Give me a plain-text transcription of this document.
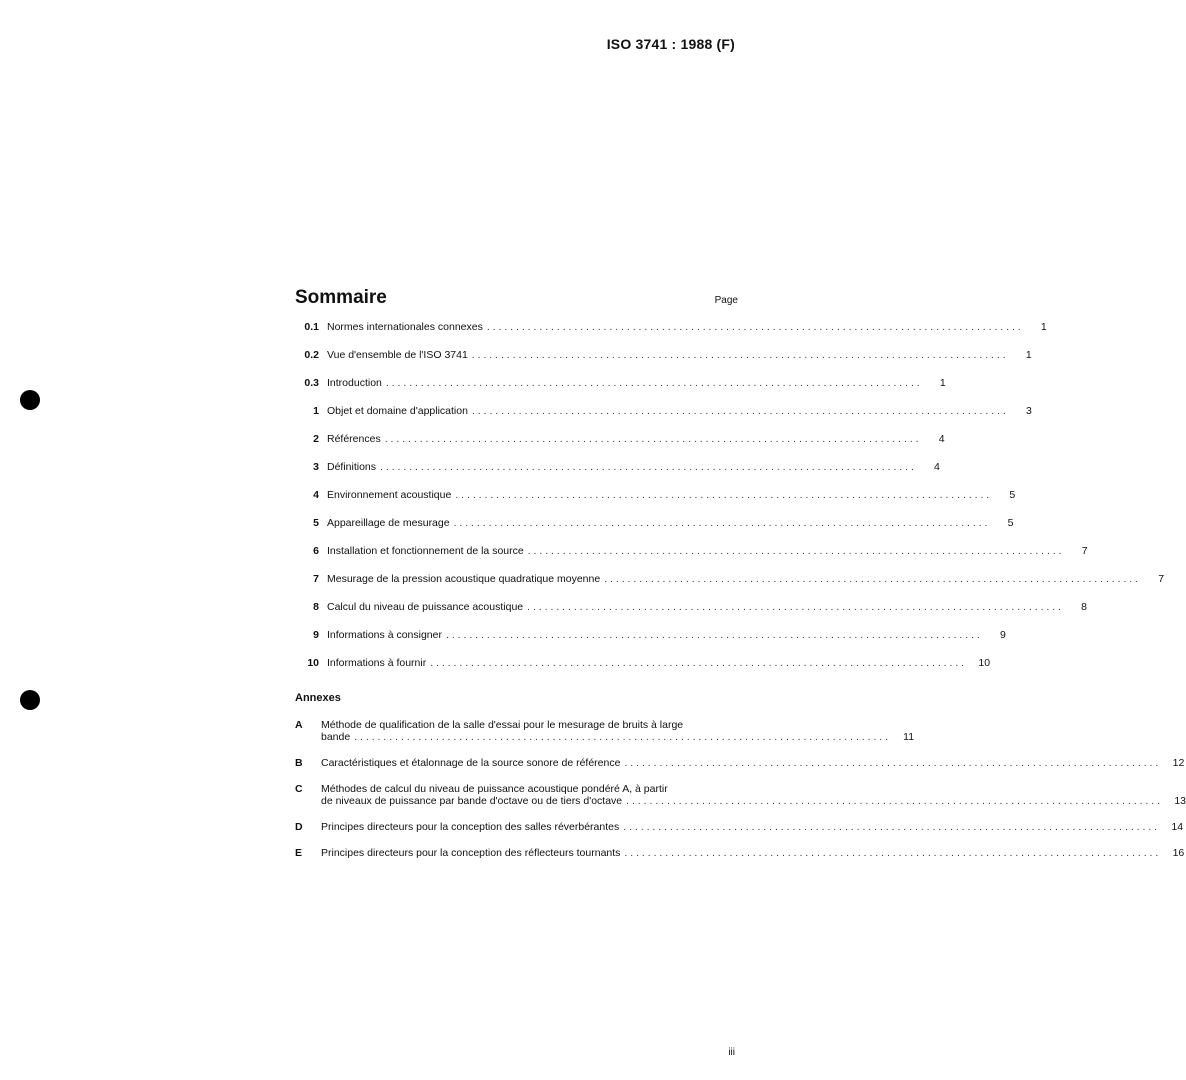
ISO 3741 : 1988 (F)
Sommaire	Page
0.1 Normes internationales connexes . . .	1
0.2 Vue d'ensemble de l'ISO 3741 . . .	1
0.3 Introduction . . .	1
1 Objet et domaine d'application . . .	3
2 Références . . .	4
3 Définitions . . .	4
4 Environnement acoustique . . .	5
5 Appareillage de mesurage . . .	5
6 Installation et fonctionnement de la source . . .	7
7 Mesurage de la pression acoustique quadratique moyenne . . .	7
8 Calcul du niveau de puissance acoustique . . .	8
9 Informations à consigner . . .	9
10 Informations à fournir . . .	10
Annexes
A	Méthode de qualification de la salle d'essai pour le mesurage de bruits à large
bande . . .	11
B	Caractéristiques et étalonnage de la source sonore de référence . . .	12
C	Méthodes de calcul du niveau de puissance acoustique pondéré A, à partir
de niveaux de puissance par bande d'octave ou de tiers d'octave . . .	13
D	Principes directeurs pour la conception des salles réverbérantes . . .	14
E	Principes directeurs pour la conception des réflecteurs tournants . . .	16
iii
